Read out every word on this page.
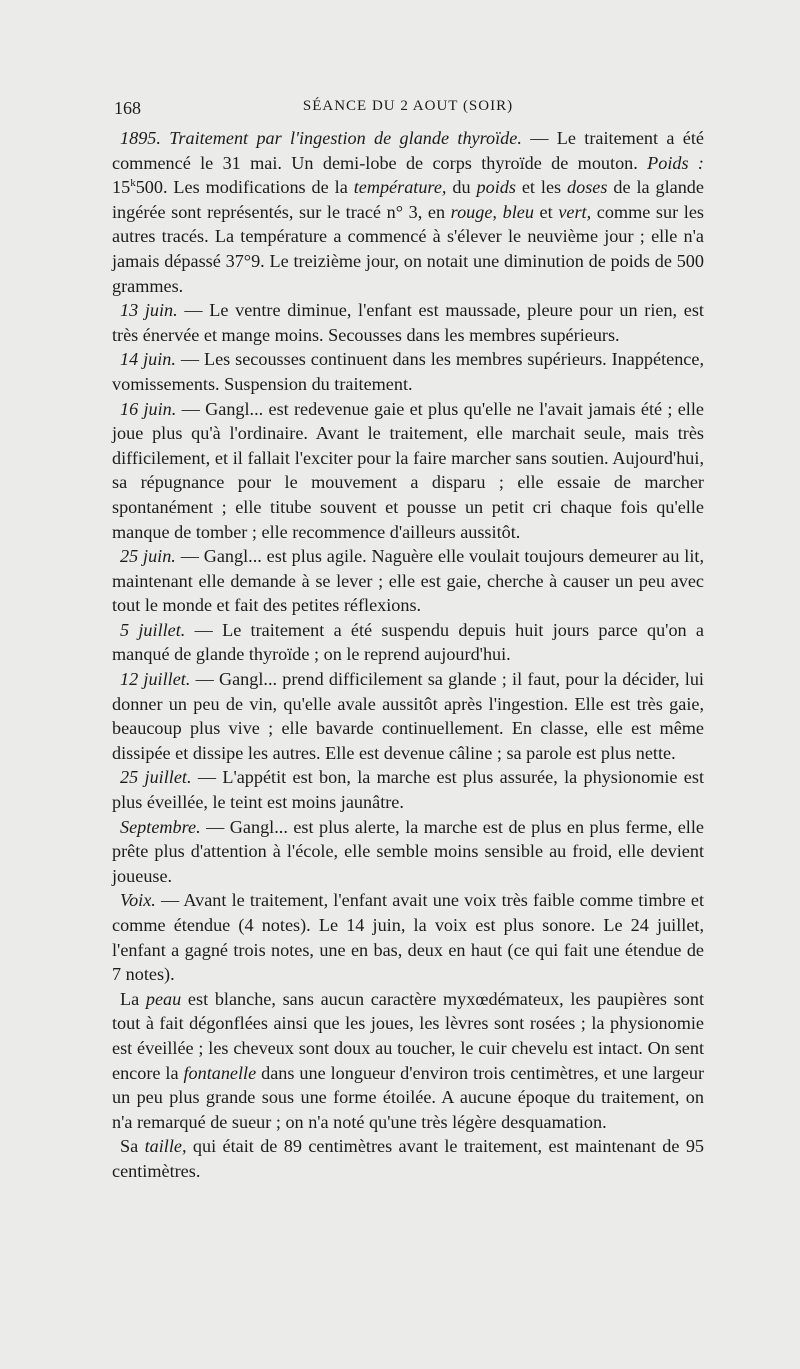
168	SÉANCE DU 2 AOUT (SOIR)

1895. Traitement par l'ingestion de glande thyroïde. — Le traitement a été commencé le 31 mai. Un demi-lobe de corps thyroïde de mouton. Poids : 15$^k$500. Les modifications de la température, du poids et les doses de la glande ingérée sont représentés, sur le tracé n° 3, en rouge, bleu et vert, comme sur les autres tracés. La température a commencé à s'élever le neuvième jour ; elle n'a jamais dépassé 37°9. Le treizième jour, on notait une diminution de poids de 500 grammes.

13 juin. — Le ventre diminue, l'enfant est maussade, pleure pour un rien, est très énervée et mange moins. Secousses dans les membres supérieurs.

14 juin. — Les secousses continuent dans les membres supérieurs. Inappétence, vomissements. Suspension du traitement.

16 juin. — Gangl... est redevenue gaie et plus qu'elle ne l'avait jamais été ; elle joue plus qu'à l'ordinaire. Avant le traitement, elle marchait seule, mais très difficilement, et il fallait l'exciter pour la faire marcher sans soutien. Aujourd'hui, sa répugnance pour le mouvement a disparu ; elle essaie de marcher spontanément ; elle titube souvent et pousse un petit cri chaque fois qu'elle manque de tomber ; elle recommence d'ailleurs aussitôt.

25 juin. — Gangl... est plus agile. Naguère elle voulait toujours demeurer au lit, maintenant elle demande à se lever ; elle est gaie, cherche à causer un peu avec tout le monde et fait des petites réflexions.

5 juillet. — Le traitement a été suspendu depuis huit jours parce qu'on a manqué de glande thyroïde ; on le reprend aujourd'hui.

12 juillet. — Gangl... prend difficilement sa glande ; il faut, pour la décider, lui donner un peu de vin, qu'elle avale aussitôt après l'ingestion. Elle est très gaie, beaucoup plus vive ; elle bavarde continuellement. En classe, elle est même dissipée et dissipe les autres. Elle est devenue câline ; sa parole est plus nette.

25 juillet. — L'appétit est bon, la marche est plus assurée, la physionomie est plus éveillée, le teint est moins jaunâtre.

Septembre. — Gangl... est plus alerte, la marche est de plus en plus ferme, elle prête plus d'attention à l'école, elle semble moins sensible au froid, elle devient joueuse.

Voix. — Avant le traitement, l'enfant avait une voix très faible comme timbre et comme étendue (4 notes). Le 14 juin, la voix est plus sonore. Le 24 juillet, l'enfant a gagné trois notes, une en bas, deux en haut (ce qui fait une étendue de 7 notes).

La peau est blanche, sans aucun caractère myxœdémateux, les paupières sont tout à fait dégonflées ainsi que les joues, les lèvres sont rosées ; la physionomie est éveillée ; les cheveux sont doux au toucher, le cuir chevelu est intact. On sent encore la fontanelle dans une longueur d'environ trois centimètres, et une largeur un peu plus grande sous une forme étoilée. A aucune époque du traitement, on n'a remarqué de sueur ; on n'a noté qu'une très légère desquamation.

Sa taille, qui était de 89 centimètres avant le traitement, est maintenant de 95 centimètres.
